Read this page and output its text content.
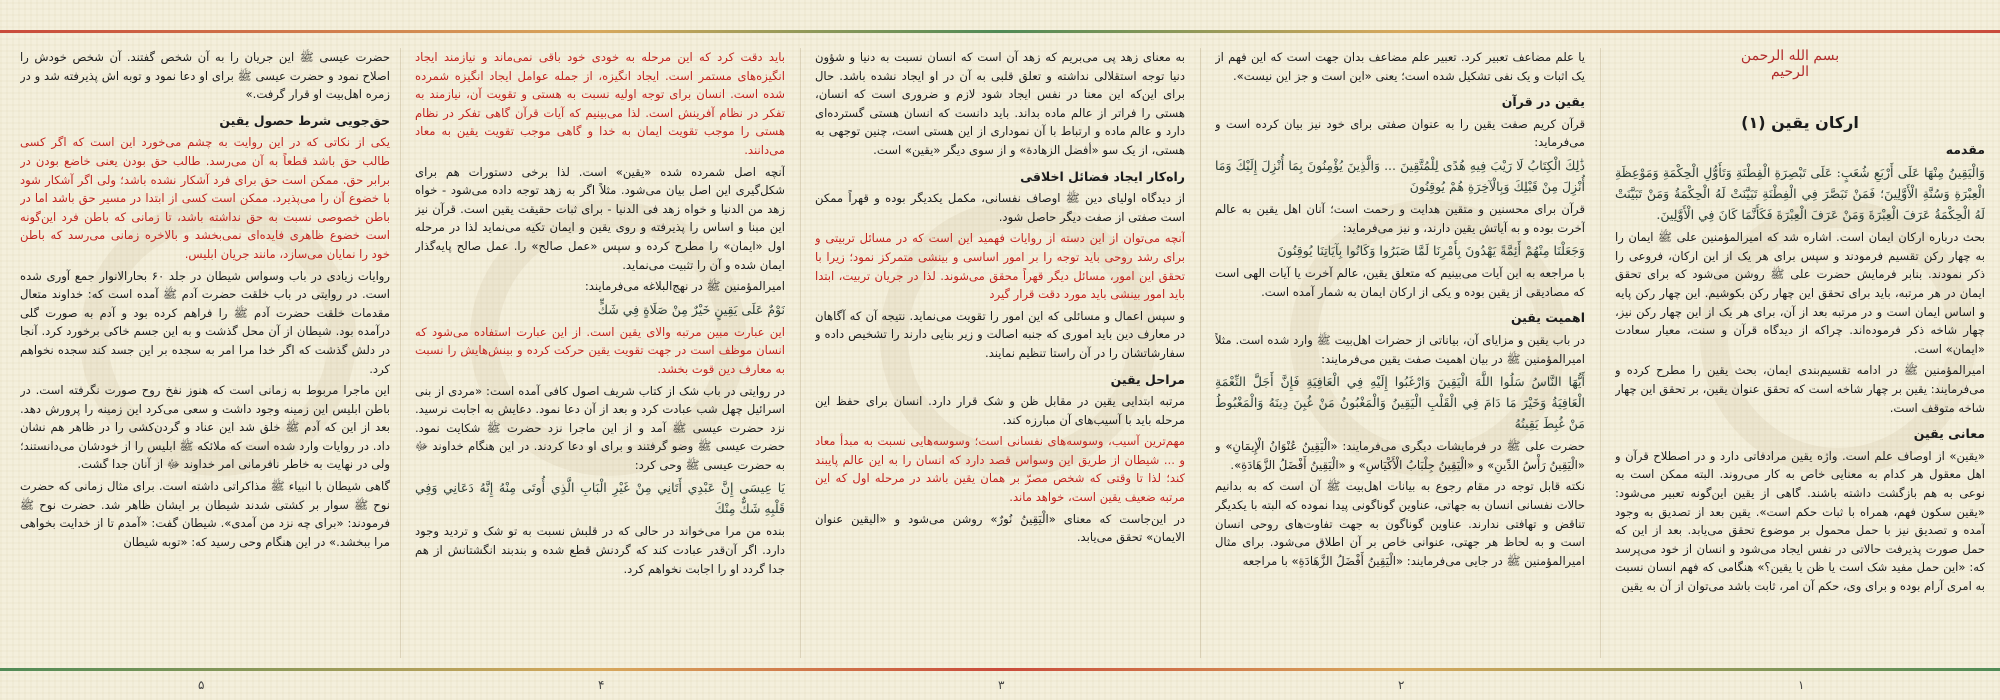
بسم الله الرحمن الرحیم
ارکان یقین (۱)
مقدمه

وَالْيَقِينُ مِنْهَا عَلَى أَرْبَعِ شُعَبٍ: عَلَى تَبْصِرَةِ الْفِطْنَةِ وَتَأَوُّلِ الْحِكْمَةِ وَمَوْعِظَةِ الْعِبْرَةِ وَسُنَّةِ الْأَوَّلِينَ؛ فَمَنْ تَبَصَّرَ فِي الْفِطْنَةِ تَبَيَّنَتْ لَهُ الْحِكْمَةُ وَمَنْ تَبَيَّنَتْ لَهُ الْحِكْمَةُ عَرَفَ الْعِبْرَةَ وَمَنْ عَرَفَ الْعِبْرَةَ فَكَأَنَّمَا كَانَ فِي الْأَوَّلِينَ.

بحث درباره ارکان ایمان است. اشاره شد که امیرالمؤمنین علی ﷺ ایمان را به چهار رکن تقسیم فرمودند و سپس برای هر یک از این ارکان، فروعی را ذکر نمودند. بنابر فرمایش حضرت علی ﷺ روشن می‌شود که برای تحقق ایمان در هر مرتبه، باید برای تحقق این چهار رکن بکوشیم. این چهار رکن پایه و اساس ایمان است و در مرتبه بعد از آن، برای هر یک از این چهار رکن نیز، چهار شاخه ذکر فرموده‌اند. چراکه از دیدگاه قرآن و سنت، معیار سعادت «ایمان» است.

امیرالمؤمنین ﷺ در ادامه تقسیم‌بندی ایمان، بحث یقین را مطرح کرده و می‌فرمایند: یقین بر چهار شاخه است که تحقق عنوان یقین، بر تحقق این چهار شاخه متوقف است.

معانی یقین

«یقین» از اوصاف علم است. واژه یقین مرادفاتی دارد و در اصطلاح قرآن و اهل معقول هر کدام به معنایی خاص به کار می‌روند. البته ممکن است به نوعی به هم بازگشت داشته باشند. گاهی از یقین این‌گونه تعبیر می‌شود: «یقین سکون فهم، همراه با ثبات حکم است». یقین بعد از تصدیق به وجود آمده و تصدیق نیز با حمل محمول بر موضوع تحقق می‌یابد. بعد از این که حمل صورت پذیرفت حالاتی در نفس ایجاد می‌شود و انسان از خود می‌پرسد که: «این حمل مفید شک است یا ظن یا یقین؟» هنگامی که فهم انسان نسبت به امری آرام بوده و برای وی، حکم آن امر، ثابت باشد می‌توان از آن به یقین

یا علم مضاعف تعبیر کرد. تعبیر علم مضاعف بدان جهت است که این فهم از یک اثبات و یک نفی تشکیل شده است؛ یعنی «این است و جز این نیست».

یقین در قرآن

قرآن کریم صفت یقین را به عنوان صفتی برای خود نیز بیان کرده است و می‌فرماید:

ذَٰلِكَ الْكِتَابُ لَا رَيْبَ فِيهِ هُدًى لِلْمُتَّقِينَ ... وَالَّذِينَ يُؤْمِنُونَ بِمَا أُنْزِلَ إِلَيْكَ وَمَا أُنْزِلَ مِنْ قَبْلِكَ وَبِالْآخِرَةِ هُمْ يُوقِنُونَ

قرآن برای محسنین و متقین هدایت و رحمت است؛ آنان اهل یقین به عالم آخرت بوده و به آیاتش یقین دارند، و نیز می‌فرماید:

وَجَعَلْنَا مِنْهُمْ أَئِمَّةً يَهْدُونَ بِأَمْرِنَا لَمَّا صَبَرُوا وَكَانُوا بِآيَاتِنَا يُوقِنُونَ

با مراجعه به این آیات می‌بینیم که متعلق یقین، عالم آخرت یا آیات الهی است که مصادیقی از یقین بوده و یکی از ارکان ایمان به شمار آمده است.

اهمیت یقین

در باب یقین و مزایای آن، بیاناتی از حضرات اهل‌بیت ﷺ وارد شده است. مثلاً امیرالمؤمنین ﷺ در بیان اهمیت صفت یقین می‌فرمایند:

أَيُّهَا النَّاسُ سَلُوا اللَّهَ الْيَقِينَ وَارْغَبُوا إِلَيْهِ فِي الْعَافِيَةِ فَإِنَّ أَجَلَّ النِّعْمَةِ الْعَافِيَةُ وَخَيْرَ مَا دَامَ فِي الْقَلْبِ الْيَقِينُ وَالْمَغْبُونُ مَنْ غُبِنَ دِينَهُ وَالْمَغْبُوطُ مَنْ غُبِطَ يَقِينُهُ

حضرت علی ﷺ در فرمایشات دیگری می‌فرمایند: «الْيَقِينُ عُنْوَانُ الْإِيمَانِ» و «الْيَقِينُ رَأْسُ الدِّينِ» و «الْيَقِينُ جِلْبَابُ الْأَكْيَاسِ» و «الْيَقِينُ أَفْضَلُ الزَّهَادَةِ».

نکته قابل توجه در مقام رجوع به بیانات اهل‌بیت ﷺ آن است که به بدانیم حالات نفسانی انسان به جهاتی، عناوین گوناگونی پیدا نموده که البته با یکدیگر تناقض و تهافتی ندارند. عناوین گوناگون به جهت تفاوت‌های روحی انسان است و به لحاظ هر جهتی، عنوانی خاص بر آن اطلاق می‌شود. برای مثال امیرالمؤمنین ﷺ در جایی می‌فرمایند: «الْيَقِينُ أَفْضَلُ الزَّهَادَةِ» با مراجعه

به معنای زهد پی می‌بریم که زهد آن است که انسان نسبت به دنیا و شؤون دنیا توجه استقلالی نداشته و تعلق قلبی به آن در او ایجاد نشده باشد. حال برای این‌که این معنا در نفس ایجاد شود لازم و ضروری است که انسان، هستی را فراتر از عالم ماده بداند. باید دانست که انسان هستی گسترده‌ای دارد و عالم ماده و ارتباط با آن نموداری از این هستی است، چنین توجهی به هستی، از یک سو «أفضل الزهادة» و از سوی دیگر «یقین» است.

راه‌کار ایجاد فضائل اخلاقی

از دیدگاه اولیای دین ﷺ اوصاف نفسانی، مکمل یکدیگر بوده و قهراً ممکن است صفتی از صفت دیگر حاصل شود.

آنچه می‌توان از این دسته از روایات فهمید این است که در مسائل تربیتی و برای رشد روحی باید توجه را بر امور اساسی و بینشی متمرکز نمود؛ زیرا با تحقق این امور، مسائل دیگر قهراً محقق می‌شوند. لذا در جریان تربیت، ابتدا باید امور بینشی باید مورد دقت قرار گیرد

و سپس اعمال و مسائلی که این امور را تقویت می‌نماید. نتیجه آن که آگاهان در معارف دین باید اموری که جنبه اصالت و زیر بنایی دارند را تشخیص داده و سفارشاتشان را در آن راستا تنظیم نمایند.

مراحل یقین

مرتبه ابتدایی یقین در مقابل ظن و شک قرار دارد. انسان برای حفظ این مرحله باید با آسیب‌های آن مبارزه کند.

مهم‌ترین آسیب، وسوسه‌های نفسانی است؛ وسوسه‌هایی نسبت به مبدأ معاد و ... شیطان از طریق این وسواس قصد دارد که انسان را به این عالم پایبند کند؛ لذا تا وقتی که شخص مصرّ بر همان یقین باشد در مرحله اول که این مرتبه ضعیف یقین است، خواهد ماند.

در این‌جاست که معنای «الْيَقِينُ نُورٌ» روشن می‌شود و «الیقین عنوان الایمان» تحقق می‌یابد.

باید دقت کرد که این مرحله به خودی خود باقی نمی‌ماند و نیازمند ایجاد انگیزه‌های مستمر است. ایجاد انگیزه، از جمله عوامل ایجاد انگیزه شمرده شده است. انسان برای توجه اولیه نسبت به هستی و تقویت آن، نیازمند به تفکر در نظام آفرینش است. لذا می‌بینیم که آیات قرآن گاهی تفکر در نظام هستی را موجب تقویت ایمان به خدا و گاهی موجب تقویت یقین به معاد می‌دانند.

آنچه اصل شمرده شده «یقین» است. لذا برخی دستورات هم برای شکل‌گیری این اصل بیان می‌شود. مثلاً اگر به زهد توجه داده می‌شود - خواه زهد من الدنیا و خواه زهد فی الدنیا - برای ثبات حقیقت یقین است. قرآن نیز این مبنا و اساس را پذیرفته و روی یقین و ایمان تکیه می‌نماید لذا در مرحله اول «ایمان» را مطرح کرده و سپس «عمل صالح» را. عمل صالح پایه‌گذار ایمان شده و آن را تثبیت می‌نماید.

امیرالمؤمنین ﷺ در نهج‌البلاغه می‌فرمایند:

نَوْمٌ عَلَى يَقِينٍ خَيْرٌ مِنْ صَلَاةٍ فِي شَكٍّ

این عبارت مبین مرتبه والای یقین است. از این عبارت استفاده می‌شود که انسان موظف است در جهت تقویت یقین حرکت کرده و بینش‌هایش را نسبت به معارف دین قوت بخشد.

در روایتی در باب شک از کتاب شریف اصول کافی آمده است: «مردی از بنی اسرائیل چهل شب عبادت کرد و بعد از آن دعا نمود. دعایش به اجابت نرسید. نزد حضرت عیسی ﷺ آمد و از این ماجرا نزد حضرت ﷺ شکایت نمود. حضرت عیسی ﷺ وضو گرفتند و برای او دعا کردند. در این هنگام خداوند ﷻ به حضرت عیسی ﷺ وحی کرد:

يَا عِيسَى إِنَّ عَبْدِي أَتَانِي مِنْ غَيْرِ الْبَابِ الَّذِي أُوتَى مِنْهُ إِنَّهُ دَعَانِي وَفِي قَلْبِهِ شَكٌّ مِنْكَ

بنده من مرا می‌خواند در حالی که در قلبش نسبت به تو شک و تردید وجود دارد. اگر آن‌قدر عبادت کند که گردنش قطع شده و بندبند انگشتانش از هم جدا گردد او را اجابت نخواهم کرد.

حضرت عیسی ﷺ این جریان را به آن شخص گفتند. آن شخص خودش را اصلاح نمود و حضرت عیسی ﷺ برای او دعا نمود و توبه اش پذیرفته شد و در زمره اهل‌بیت او قرار گرفت.»

حق‌جویی شرط حصول یقین

یکی از نکاتی که در این روایت به چشم می‌خورد این است که اگر کسی طالب حق باشد قطعاً به آن می‌رسد. طالب حق بودن یعنی خاضع بودن در برابر حق. ممکن است حق برای فرد آشکار نشده باشد؛ ولی اگر آشکار شود با خضوع آن را می‌پذیرد. ممکن است کسی از ابتدا در مسیر حق باشد اما در باطن خصوصی نسبت به حق نداشته باشد، تا زمانی که باطن فرد این‌گونه است خضوع ظاهری فایده‌ای نمی‌بخشد و بالاخره زمانی می‌رسد که باطن خود را نمایان می‌سازد، مانند جریان ابلیس.

روایات زیادی در باب وسواس شیطان در جلد ۶۰ بحارالانوار جمع آوری شده است. در روایتی در باب خلقت حضرت آدم ﷺ آمده است که: خداوند متعال مقدمات خلقت حضرت آدم ﷺ را فراهم کرده بود و آدم به صورت گلی درآمده بود. شیطان از آن محل گذشت و به این جسم خاکی برخورد کرد. آنجا در دلش گذشت که اگر خدا مرا امر به سجده بر این جسد کند سجده نخواهم کرد.

این ماجرا مربوط به زمانی است که هنوز نفخ روح صورت نگرفته است. در باطن ابلیس این زمینه وجود داشت و سعی می‌کرد این زمینه را پرورش دهد. بعد از این که آدم ﷺ خلق شد این عناد و گردن‌کشی را در ظاهر هم نشان داد. در روایات وارد شده است که ملائکه ﷺ ابلیس را از خودشان می‌دانستند؛ ولی در نهایت به خاطر نافرمانی امر خداوند ﷻ از آنان جدا گشت.

گاهی شیطان با انبیاء ﷺ مذاکراتی داشته است. برای مثال زمانی که حضرت نوح ﷺ سوار بر کشتی شدند شیطان بر ایشان ظاهر شد. حضرت نوح ﷺ فرمودند: «برای چه نزد من آمدی». شیطان گفت: «آمدم تا از خدایت بخواهی مرا ببخشد.» در این هنگام وحی رسید که: «توبه شیطان

۱
۲
۳
۴
۵
